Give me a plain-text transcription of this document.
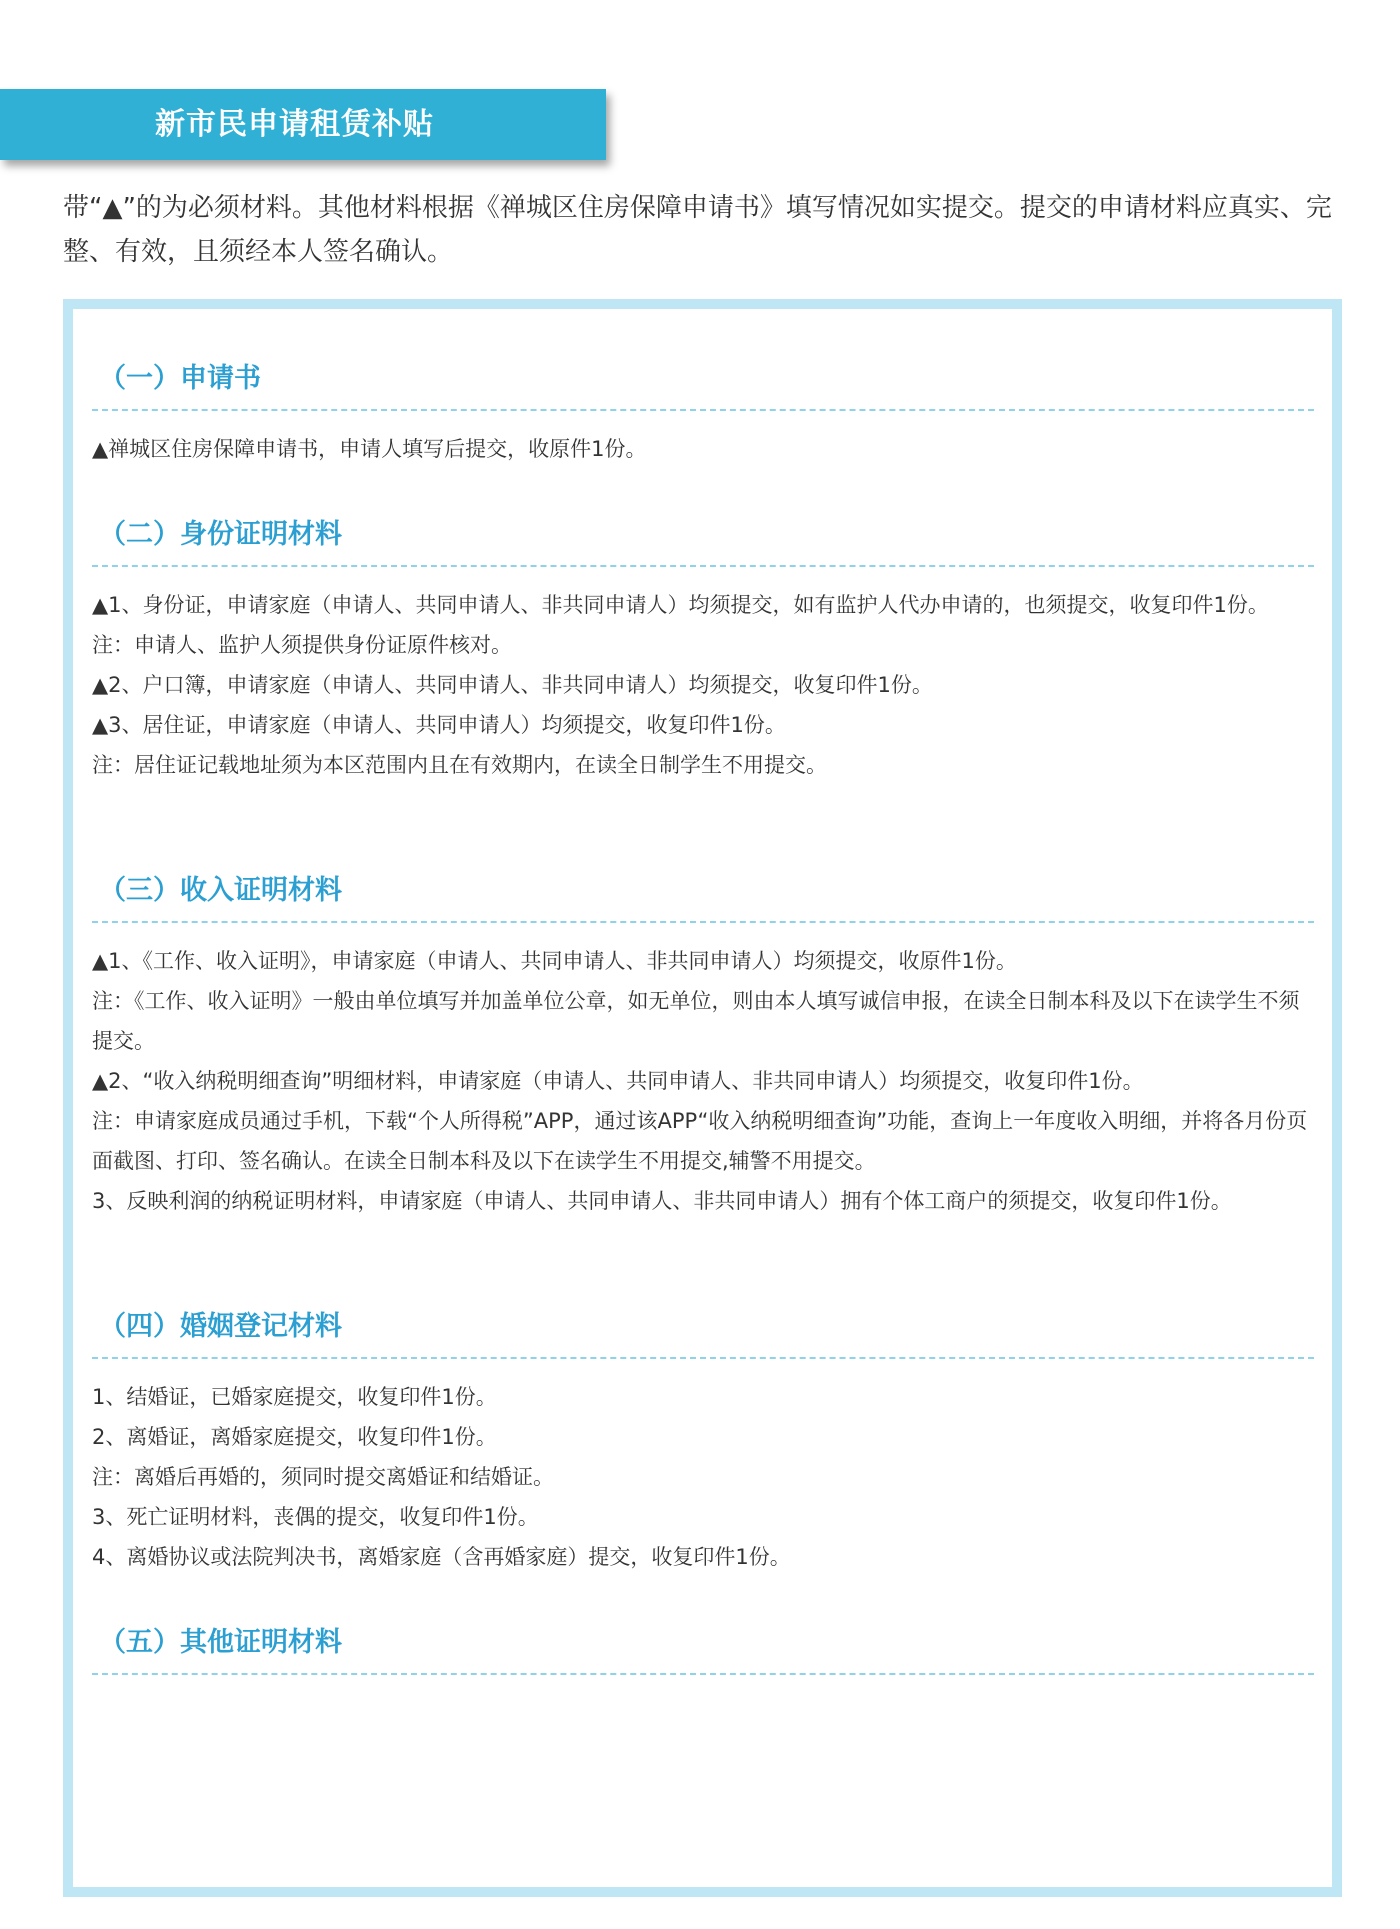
新市民申请租赁补贴
带“▲”的为必须材料。其他材料根据《禅城区住房保障申请书》填写情况如实提交。提交的申请材料应真实、完整、有效，且须经本人签名确认。
（一）申请书
▲禅城区住房保障申请书，申请人填写后提交，收原件1份。
（二）身份证明材料
▲1、身份证，申请家庭（申请人、共同申请人、非共同申请人）均须提交，如有监护人代办申请的，也须提交，收复印件1份。
注：申请人、监护人须提供身份证原件核对。
▲2、户口簿，申请家庭（申请人、共同申请人、非共同申请人）均须提交，收复印件1份。
▲3、居住证，申请家庭（申请人、共同申请人）均须提交，收复印件1份。
注：居住证记载地址须为本区范围内且在有效期内，在读全日制学生不用提交。
（三）收入证明材料
▲1、《工作、收入证明》，申请家庭（申请人、共同申请人、非共同申请人）均须提交，收原件1份。
注：《工作、收入证明》一般由单位填写并加盖单位公章，如无单位，则由本人填写诚信申报，在读全日制本科及以下在读学生不须提交。
▲2、“收入纳税明细查询”明细材料，申请家庭（申请人、共同申请人、非共同申请人）均须提交，收复印件1份。
注：申请家庭成员通过手机，下载“个人所得税”APP，通过该APP“收入纳税明细查询”功能，查询上一年度收入明细，并将各月份页面截图、打印、签名确认。在读全日制本科及以下在读学生不用提交,辅警不用提交。
3、反映利润的纳税证明材料，申请家庭（申请人、共同申请人、非共同申请人）拥有个体工商户的须提交，收复印件1份。
（四）婚姻登记材料
1、结婚证，已婚家庭提交，收复印件1份。
2、离婚证，离婚家庭提交，收复印件1份。
注：离婚后再婚的，须同时提交离婚证和结婚证。
3、死亡证明材料，丧偶的提交，收复印件1份。
4、离婚协议或法院判决书，离婚家庭（含再婚家庭）提交，收复印件1份。
（五）其他证明材料
